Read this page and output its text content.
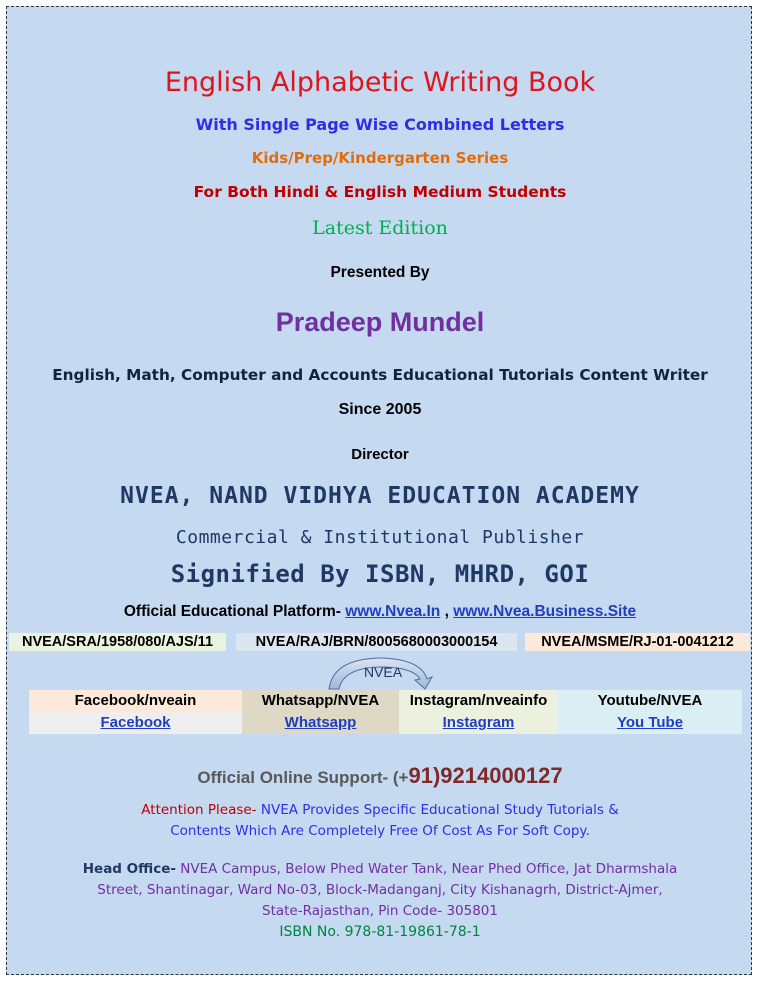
English Alphabetic Writing Book
With Single Page Wise Combined Letters
Kids/Prep/Kindergarten Series
For Both Hindi & English Medium Students
Latest Edition
Presented By
Pradeep Mundel
English, Math, Computer and Accounts Educational Tutorials Content Writer
Since 2005
Director
NVEA, NAND VIDHYA EDUCATION ACADEMY
Commercial & Institutional Publisher
Signified By ISBN, MHRD, GOI
Official Educational Platform- www.Nvea.In , www.Nvea.Business.Site
NVEA/SRA/1958/080/AJS/11	NVEA/RAJ/BRN/8005680003000154	NVEA/MSME/RJ-01-0041212
NVEA
Facebook/nveain
Facebook
Whatsapp/NVEA
Whatsapp
Instagram/nveainfo
Instagram
Youtube/NVEA
You Tube
Official Online Support- (+91)9214000127
Attention Please- NVEA Provides Specific Educational Study Tutorials &
Contents Which Are Completely Free Of Cost As For Soft Copy.
Head Office- NVEA Campus, Below Phed Water Tank, Near Phed Office, Jat Dharmshala
Street, Shantinagar, Ward No-03, Block-Madanganj, City Kishanagrh, District-Ajmer,
State-Rajasthan, Pin Code- 305801
ISBN No. 978-81-19861-78-1
